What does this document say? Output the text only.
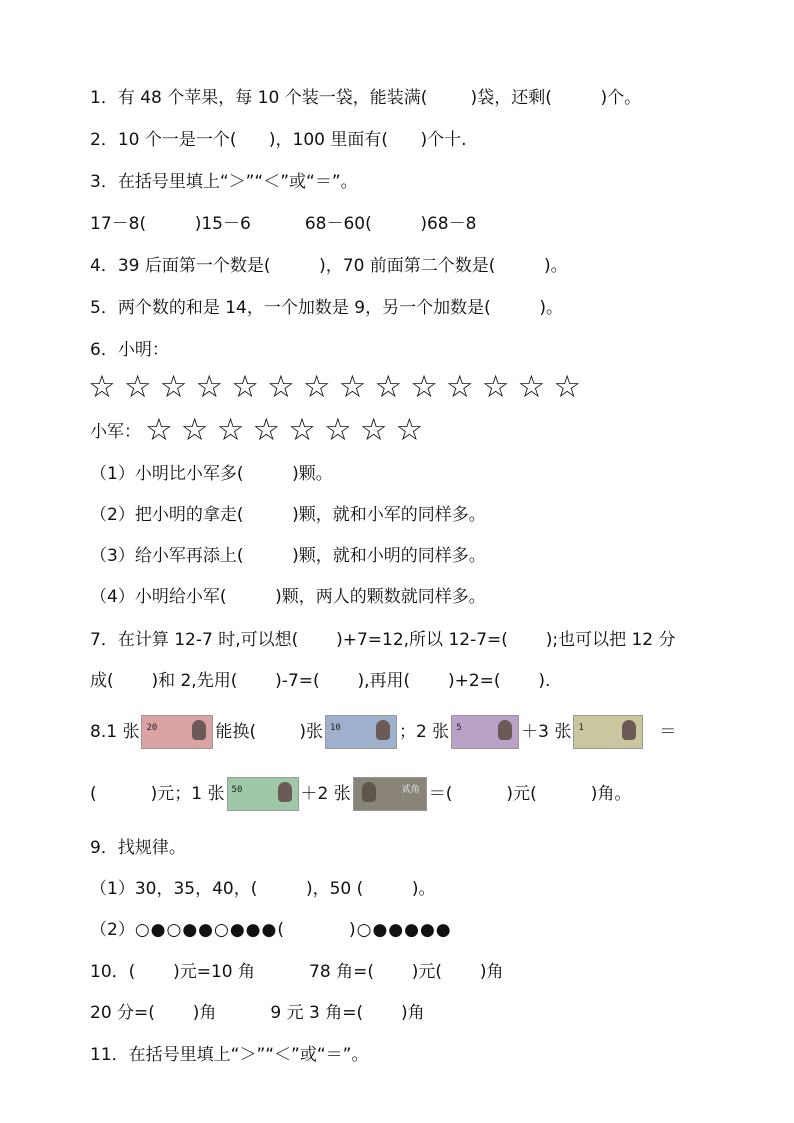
1．有 48 个苹果，每 10 个装一袋，能装满(        )袋，还剩(         )个。
2．10 个一是一个(      )，100 里面有(      )个十.
3．在括号里填上“＞”“＜”或“＝”。
17－8(         )15－6          68－60(         )68－8
4．39 后面第一个数是(         )，70 前面第二个数是(         )。
5．两个数的和是 14，一个加数是 9，另一个加数是(         )。
6．小明：
☆☆☆☆☆☆☆☆☆☆☆☆☆☆
小军： ☆☆☆☆☆☆☆☆
（1）小明比小军多(         )颗。
（2）把小明的拿走(         )颗，就和小军的同样多。
（3）给小军再添上(         )颗，就和小明的同样多。
（4）小明给小军(         )颗，两人的颗数就同样多。
7．在计算 12-7 时,可以想(       )+7=12,所以 12-7=(       );也可以把 12 分
成(       )和 2,先用(       )-7=(       ),再用(       )+2=(       ).
8.1 张 20	能换(        )张 10	；2 张 5	＋3 张 1	＝
(          )元；1 张 50	＋2 张	贰角 ＝(          )元(          )角。
9．找规律。
（1）30，35，40，(         )，50 (         )。
（2）○●○●●○●●●(          )○●●●●●
10．(       )元=10 角          78 角=(       )元(       )角
20 分=(       )角          9 元 3 角=(       )角
11．在括号里填上“＞”“＜”或“＝”。
